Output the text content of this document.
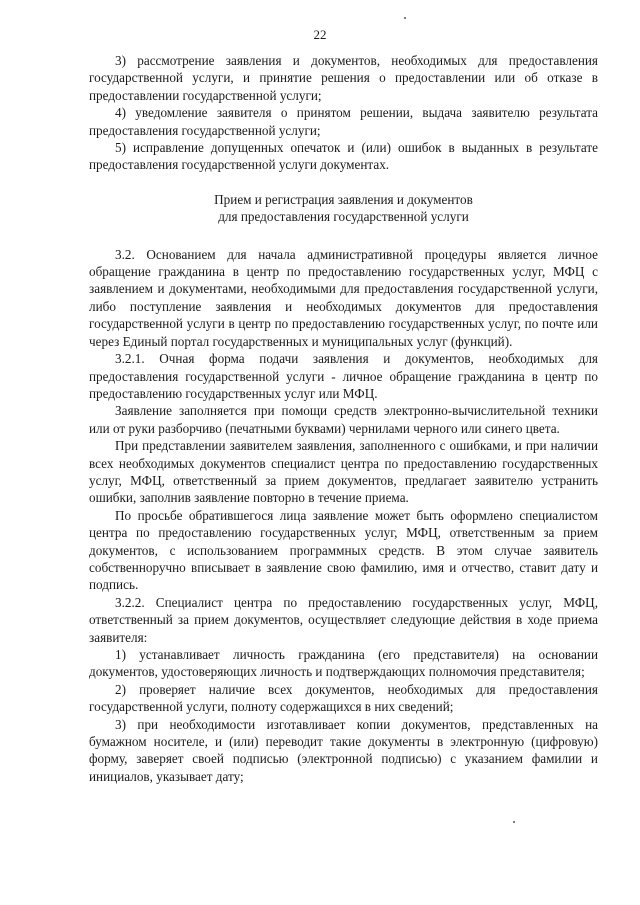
22

3) рассмотрение заявления и документов, необходимых для предоставления государственной услуги, и принятие решения о предоставлении или об отказе в предоставлении государственной услуги;

4) уведомление заявителя о принятом решении, выдача заявителю результата предоставления государственной услуги;

5) исправление допущенных опечаток и (или) ошибок в выданных в результате предоставления государственной услуги документах.

Прием и регистрация заявления и документов
для предоставления государственной услуги

3.2. Основанием для начала административной процедуры является личное обращение гражданина в центр по предоставлению государственных услуг, МФЦ с заявлением и документами, необходимыми для предоставления государственной услуги, либо поступление заявления и необходимых документов для предоставления государственной услуги в центр по предоставлению государственных услуг, по почте или через Единый портал государственных и муниципальных услуг (функций).

3.2.1. Очная форма подачи заявления и документов, необходимых для предоставления государственной услуги - личное обращение гражданина в центр по предоставлению государственных услуг или МФЦ.

Заявление заполняется при помощи средств электронно-вычислительной техники или от руки разборчиво (печатными буквами) чернилами черного или синего цвета.

При представлении заявителем заявления, заполненного с ошибками, и при наличии всех необходимых документов специалист центра по предоставлению государственных услуг, МФЦ, ответственный за прием документов, предлагает заявителю устранить ошибки, заполнив заявление повторно в течение приема.

По просьбе обратившегося лица заявление может быть оформлено специалистом центра по предоставлению государственных услуг, МФЦ, ответственным за прием документов, с использованием программных средств. В этом случае заявитель собственноручно вписывает в заявление свою фамилию, имя и отчество, ставит дату и подпись.

3.2.2. Специалист центра по предоставлению государственных услуг, МФЦ, ответственный за прием документов, осуществляет следующие действия в ходе приема заявителя:

1) устанавливает личность гражданина (его представителя) на основании документов, удостоверяющих личность и подтверждающих полномочия представителя;

2) проверяет наличие всех документов, необходимых для предоставления государственной услуги, полноту содержащихся в них сведений;

3) при необходимости изготавливает копии документов, представленных на бумажном носителе, и (или) переводит такие документы в электронную (цифровую) форму, заверяет своей подписью (электронной подписью) с указанием фамилии и инициалов, указывает дату;
